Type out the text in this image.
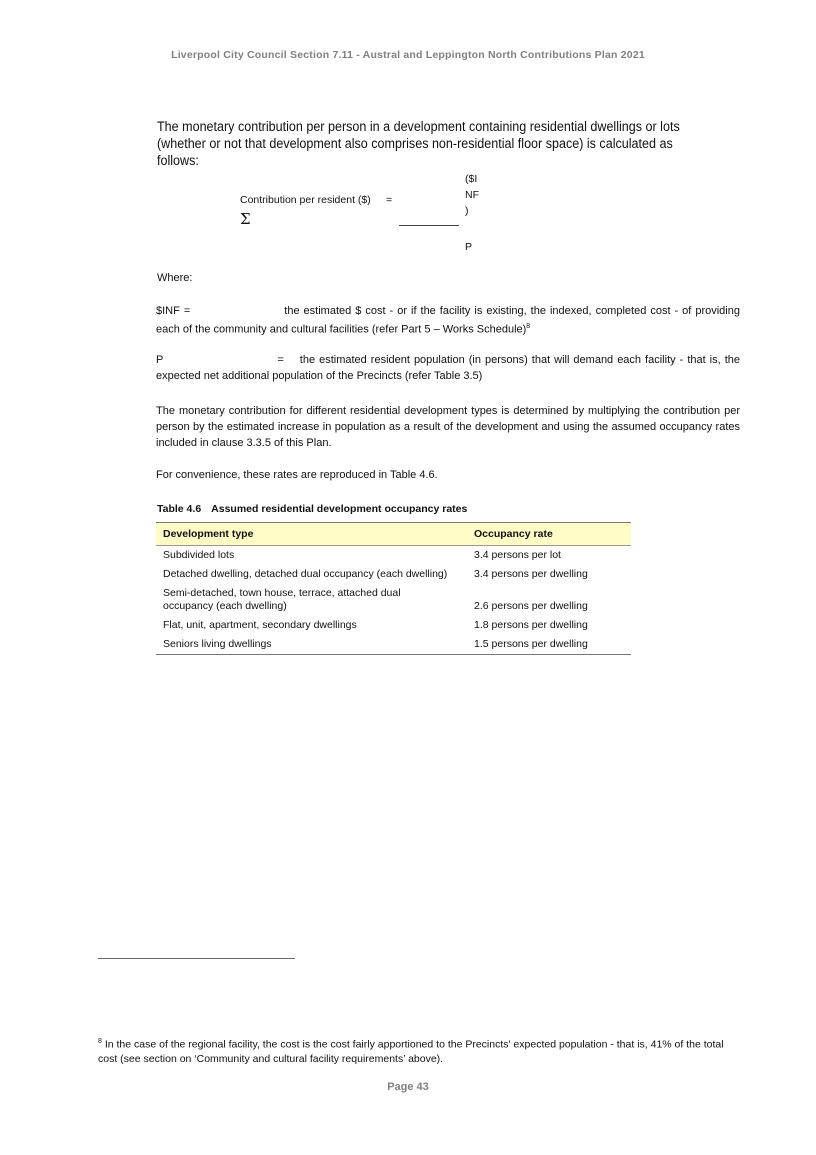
Liverpool City Council Section 7.11 - Austral and Leppington North Contributions Plan 2021
The monetary contribution per person in a development containing residential dwellings or lots (whether or not that development also comprises non-residential floor space) is calculated as follows:
Contribution per resident ($) =
Σ
($I
NF
)
P
Where:
$INF =	the estimated $ cost - or if the facility is existing, the indexed, completed cost - of providing each of the community and cultural facilities (refer Part 5 – Works Schedule)$^8$
P	= the estimated resident population (in persons) that will demand each facility - that is, the expected net additional population of the Precincts (refer Table 3.5)
The monetary contribution for different residential development types is determined by multiplying the contribution per person by the estimated increase in population as a result of the development and using the assumed occupancy rates included in clause 3.3.5 of this Plan.
For convenience, these rates are reproduced in Table 4.6.
Table 4.6 Assumed residential development occupancy rates
Development type	Occupancy rate
Subdivided lots	3.4 persons per lot
Detached dwelling, detached dual occupancy (each dwelling)	3.4 persons per dwelling
Semi-detached, town house, terrace, attached dual occupancy (each dwelling)	2.6 persons per dwelling
Flat, unit, apartment, secondary dwellings	1.8 persons per dwelling
Seniors living dwellings	1.5 persons per dwelling
$^8$ In the case of the regional facility, the cost is the cost fairly apportioned to the Precincts' expected population - that is, 41% of the total cost (see section on ‘Community and cultural facility requirements’ above).
Page 43
